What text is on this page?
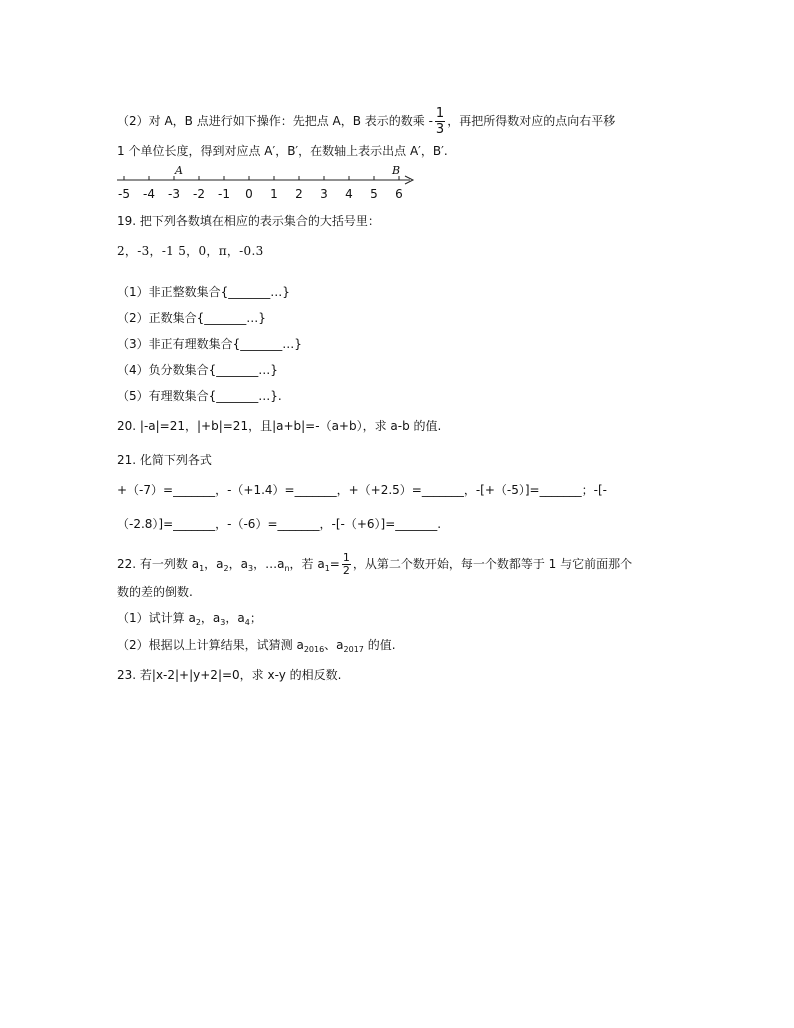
（2）对 A，B 点进行如下操作：先把点 A，B 表示的数乘 - $\frac{1}{3}$ ，再把所得数对应的点向右平移
1 个单位长度，得到对应点 A′，B′，在数轴上表示出点 A′，B′.
-5 -4 -3 -2 -1 0 1 2 3 4 5 6
A	B
19. 把下列各数填在相应的表示集合的大括号里：
2，-3，-1 5，0，π，-0.3
（1）非正整数集合{_______…}
（2）正数集合{_______…}
（3）非正有理数集合{_______…}
（4）负分数集合{_______…}
（5）有理数集合{_______…}.
20. |-a|=21，|+b|=21，且|a+b|=-（a+b），求 a-b 的值.
21. 化简下列各式
+（-7）=_______，-（+1.4）=_______，+（+2.5）=_______，-[+（-5）]=_______；-[-
（-2.8）]=_______，-（-6）=_______，-[-（+6）]=_______.
22. 有一列数 $a_1$，$a_2$，$a_3$，$\dots a_n$，若 $a_1= \frac{1}{2}$ ，从第二个数开始，每一个数都等于 1 与它前面那个
数的差的倒数.
（1）试计算 $a_2$，$a_3$，$a_4$；
（2）根据以上计算结果，试猜测 $a_{2016}$、$a_{2017}$ 的值.
23. 若|x-2|+|y+2|=0，求 x-y 的相反数.
